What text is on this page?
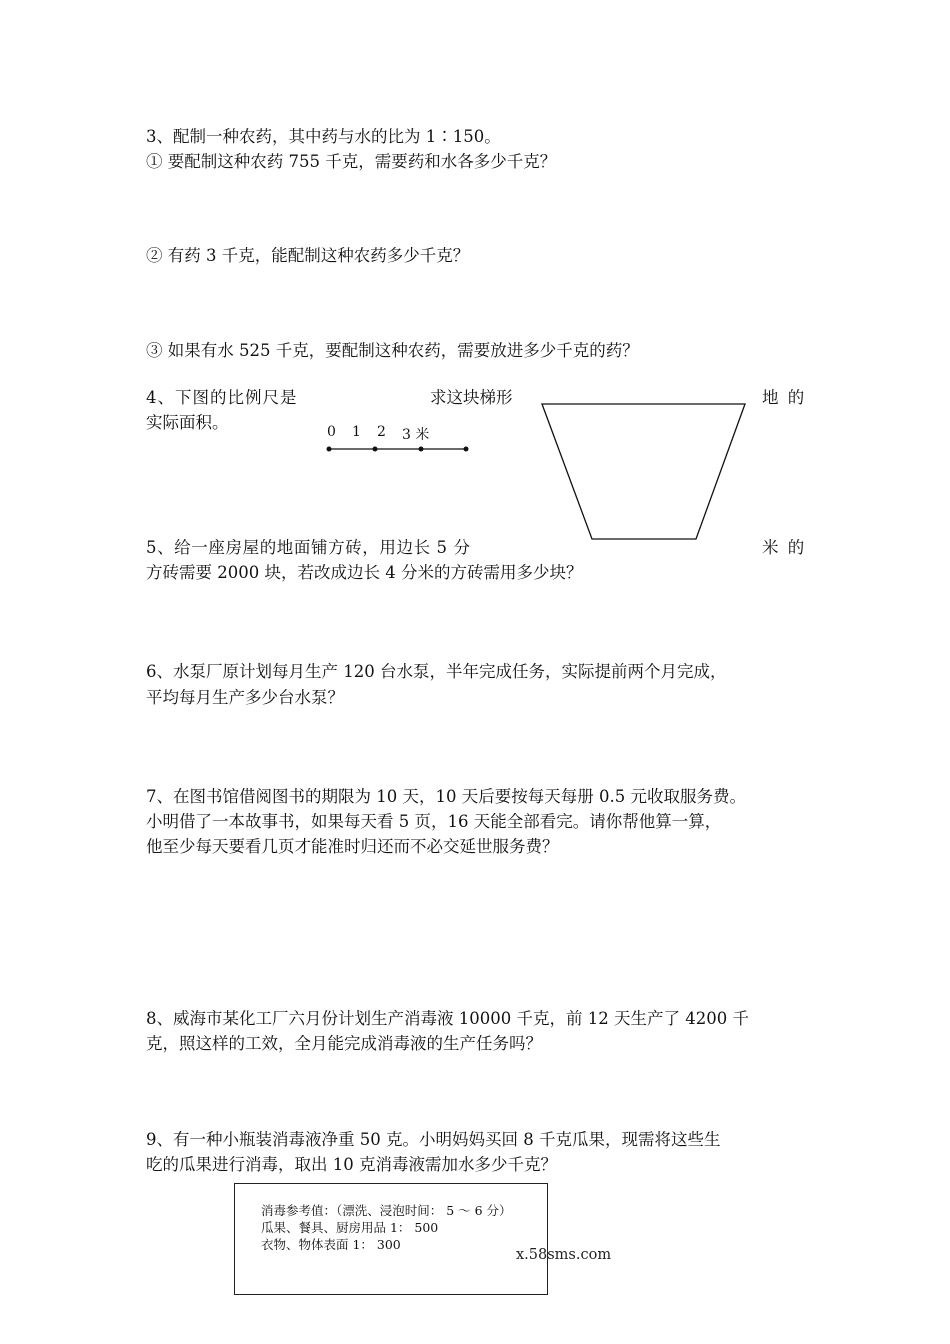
3、配制一种农药，其中药与水的比为 1∶150。
① 要配制这种农药 755 千克，需要药和水各多少千克？
② 有药 3 千克，能配制这种农药多少千克？
③ 如果有水 525 千克，要配制这种农药，需要放进多少千克的药？
4、下图的比例尺是	求这块梯形	地 的
实际面积。	0 1 2 3 米
5、给一座房屋的地面铺方砖，用边长 5 分	米 的
方砖需要 2000 块，若改成边长 4 分米的方砖需用多少块？
6、水泵厂原计划每月生产 120 台水泵，半年完成任务，实际提前两个月完成，
平均每月生产多少台水泵？
7、在图书馆借阅图书的期限为 10 天，10 天后要按每天每册 0.5 元收取服务费。
小明借了一本故事书，如果每天看 5 页，16 天能全部看完。请你帮他算一算，
他至少每天要看几页才能准时归还而不必交延世服务费？
8、威海市某化工厂六月份计划生产消毒液 10000 千克，前 12 天生产了 4200 千
克，照这样的工效，全月能完成消毒液的生产任务吗？
9、有一种小瓶装消毒液净重 50 克。小明妈妈买回 8 千克瓜果，现需将这些生
吃的瓜果进行消毒，取出 10 克消毒液需加水多少千克？
消毒参考值：（漂洗、浸泡时间： 5 ～ 6 分）
瓜果、餐具、厨房用品 1： 500
衣物、物体表面 1： 300
x.58sms.com
